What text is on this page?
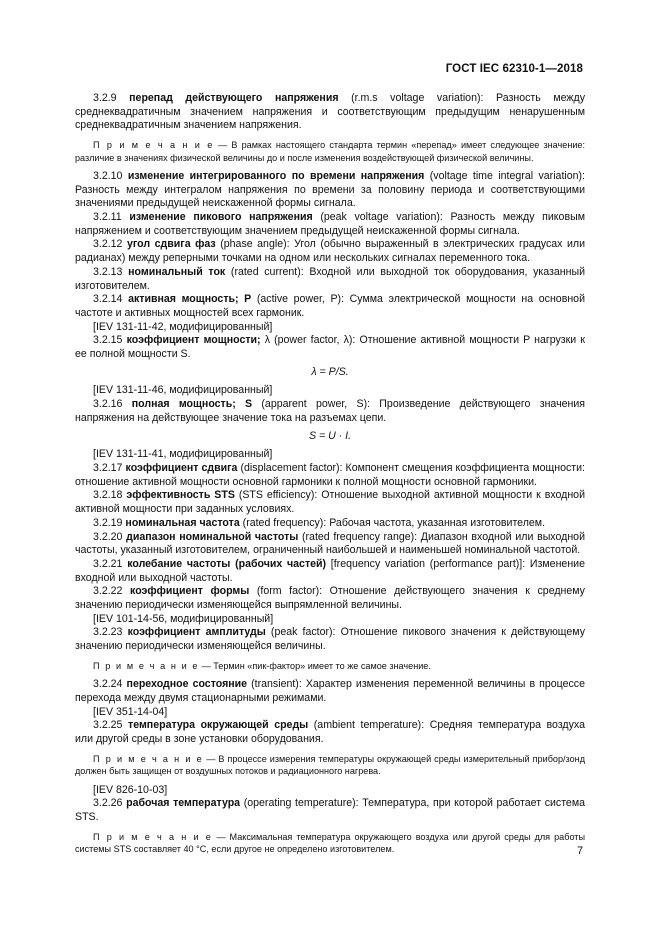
ГОСТ IEC 62310-1—2018

3.2.9 перепад действующего напряжения (r.m.s voltage variation): Разность между среднеквадратичным значением напряжения и соответствующим предыдущим ненарушенным среднеквадратичным значением напряжения.

П р и м е ч а н и е — В рамках настоящего стандарта термин «перепад» имеет следующее значение: различие в значениях физической величины до и после изменения воздействующей физической величины.

3.2.10 изменение интегрированного по времени напряжения (voltage time integral variation): Разность между интегралом напряжения по времени за половину периода и соответствующими значениями предыдущей неискаженной формы сигнала.

3.2.11 изменение пикового напряжения (peak voltage variation): Разность между пиковым напряжением и соответствующим значением предыдущей неискаженной формы сигнала.

3.2.12 угол сдвига фаз (phase angle): Угол (обычно выраженный в электрических градусах или радианах) между реперными точками на одном или нескольких сигналах переменного тока.

3.2.13 номинальный ток (rated current): Входной или выходной ток оборудования, указанный изготовителем.

3.2.14 активная мощность; P (active power, P): Сумма электрической мощности на основной частоте и активных мощностей всех гармоник.

[IEV 131-11-42, модифицированный]

3.2.15 коэффициент мощности; λ (power factor, λ): Отношение активной мощности P нагрузки к ее полной мощности S.

λ = P/S.

[IEV 131-11-46, модифицированный]

3.2.16 полная мощность; S (apparent power, S): Произведение действующего значения напряжения на действующее значение тока на разъемах цепи.

S = U · I.

[IEV 131-11-41, модифицированный]

3.2.17 коэффициент сдвига (displacement factor): Компонент смещения коэффициента мощности: отношение активной мощности основной гармоники к полной мощности основной гармоники.

3.2.18 эффективность STS (STS efficiency): Отношение выходной активной мощности к входной активной мощности при заданных условиях.

3.2.19 номинальная частота (rated frequency): Рабочая частота, указанная изготовителем.

3.2.20 диапазон номинальной частоты (rated frequency range): Диапазон входной или выходной частоты, указанный изготовителем, ограниченный наибольшей и наименьшей номинальной частотой.

3.2.21 колебание частоты (рабочих частей) [frequency variation (performance part)]: Изменение входной или выходной частоты.

3.2.22 коэффициент формы (form factor): Отношение действующего значения к среднему значению периодически изменяющейся выпрямленной величины.

[IEV 101-14-56, модифицированный]

3.2.23 коэффициент амплитуды (peak factor): Отношение пикового значения к действующему значению периодически изменяющейся величины.

П р и м е ч а н и е — Термин «пик-фактор» имеет то же самое значение.

3.2.24 переходное состояние (transient): Характер изменения переменной величины в процессе перехода между двумя стационарными режимами.

[IEV 351-14-04]

3.2.25 температура окружающей среды (ambient temperature): Средняя температура воздуха или другой среды в зоне установки оборудования.

П р и м е ч а н и е — В процессе измерения температуры окружающей среды измерительный прибор/зонд должен быть защищен от воздушных потоков и радиационного нагрева.

[IEV 826-10-03]

3.2.26 рабочая температура (operating temperature): Температура, при которой работает система STS.

П р и м е ч а н и е — Максимальная температура окружающего воздуха или другой среды для работы системы STS составляет 40 °C, если другое не определено изготовителем.	7
